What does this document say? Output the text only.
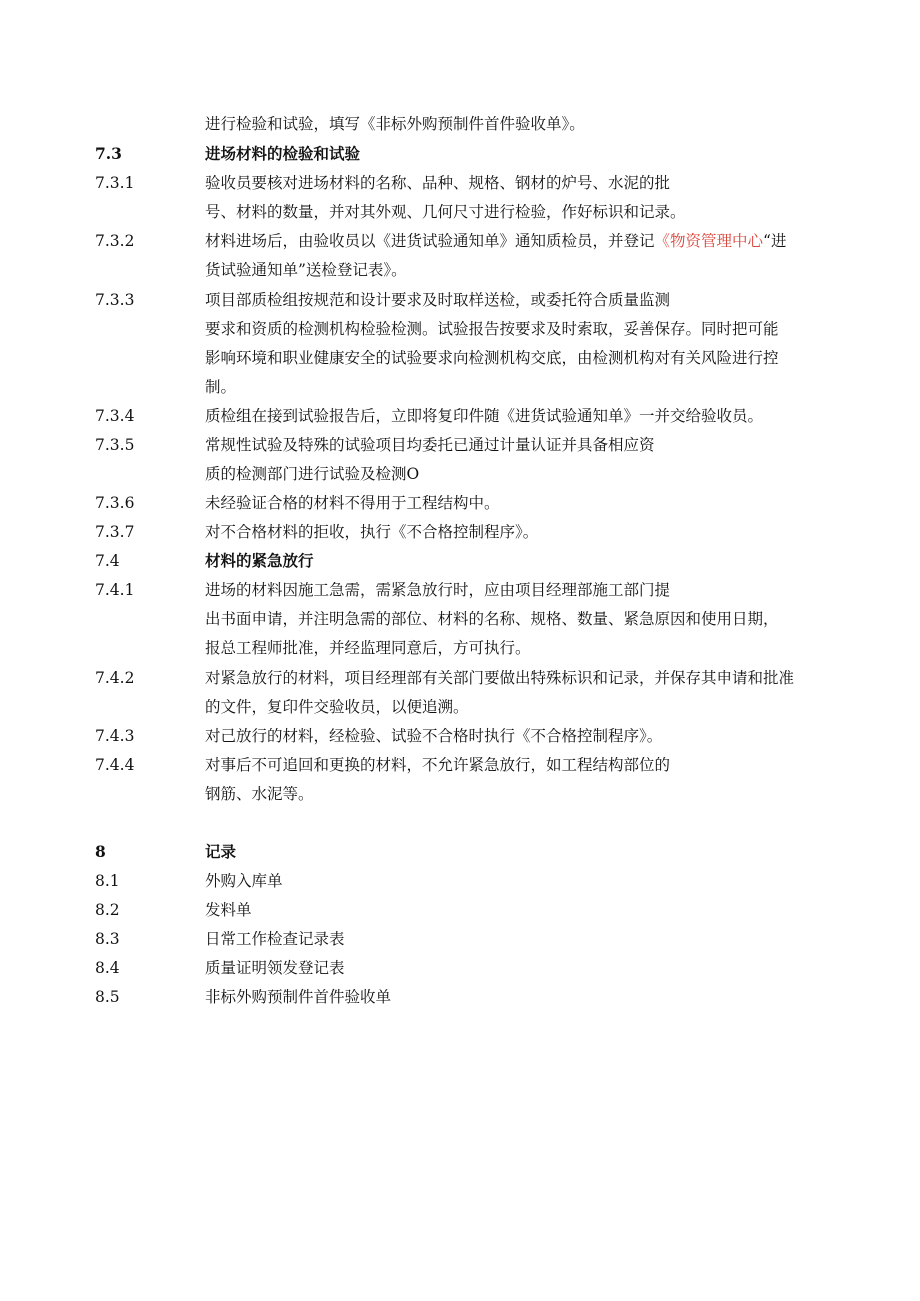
进行检验和试验，填写《非标外购预制件首件验收单》。
7.3	进场材料的检验和试验
7.3.1	验收员要核对进场材料的名称、品种、规格、钢材的炉号、水泥的批
号、材料的数量，并对其外观、几何尺寸进行检验，作好标识和记录。
7.3.2	材料进场后，由验收员以《进货试验通知单》通知质检员，并登记《物资管理中心“进
货试验通知单”送检登记表》。
7.3.3	项目部质检组按规范和设计要求及时取样送检，或委托符合质量监测
要求和资质的检测机构检验检测。试验报告按要求及时索取，妥善保存。同时把可能
影响环境和职业健康安全的试验要求向检测机构交底，由检测机构对有关风险进行控
制。
7.3.4	质检组在接到试验报告后，立即将复印件随《进货试验通知单》一并交给验收员。
7.3.5	常规性试验及特殊的试验项目均委托已通过计量认证并具备相应资
质的检测部门进行试验及检测O
7.3.6	未经验证合格的材料不得用于工程结构中。
7.3.7	对不合格材料的拒收，执行《不合格控制程序》。
7.4	材料的紧急放行
7.4.1	进场的材料因施工急需，需紧急放行时，应由项目经理部施工部门提
出书面申请，并注明急需的部位、材料的名称、规格、数量、紧急原因和使用日期，
报总工程师批准，并经监理同意后，方可执行。
7.4.2	对紧急放行的材料，项目经理部有关部门要做出特殊标识和记录，并保存其申请和批准
的文件，复印件交验收员，以便追溯。
7.4.3	对己放行的材料，经检验、试验不合格时执行《不合格控制程序》。
7.4.4	对事后不可追回和更换的材料，不允许紧急放行，如工程结构部位的
钢筋、水泥等。
8	记录
8.1	外购入库单
8.2	发料单
8.3	日常工作检查记录表
8.4	质量证明领发登记表
8.5	非标外购预制件首件验收单
